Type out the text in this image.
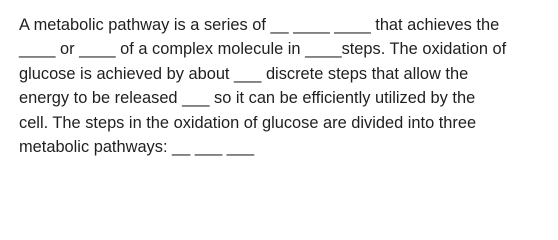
A metabolic pathway is a series of __ ____ ____ that achieves the
____ or ____ of a complex molecule in ____steps. The oxidation of
glucose is achieved by about ___ discrete steps that allow the
energy to be released ___ so it can be efficiently utilized by the
cell. The steps in the oxidation of glucose are divided into three
metabolic pathways: __ ___ ___
